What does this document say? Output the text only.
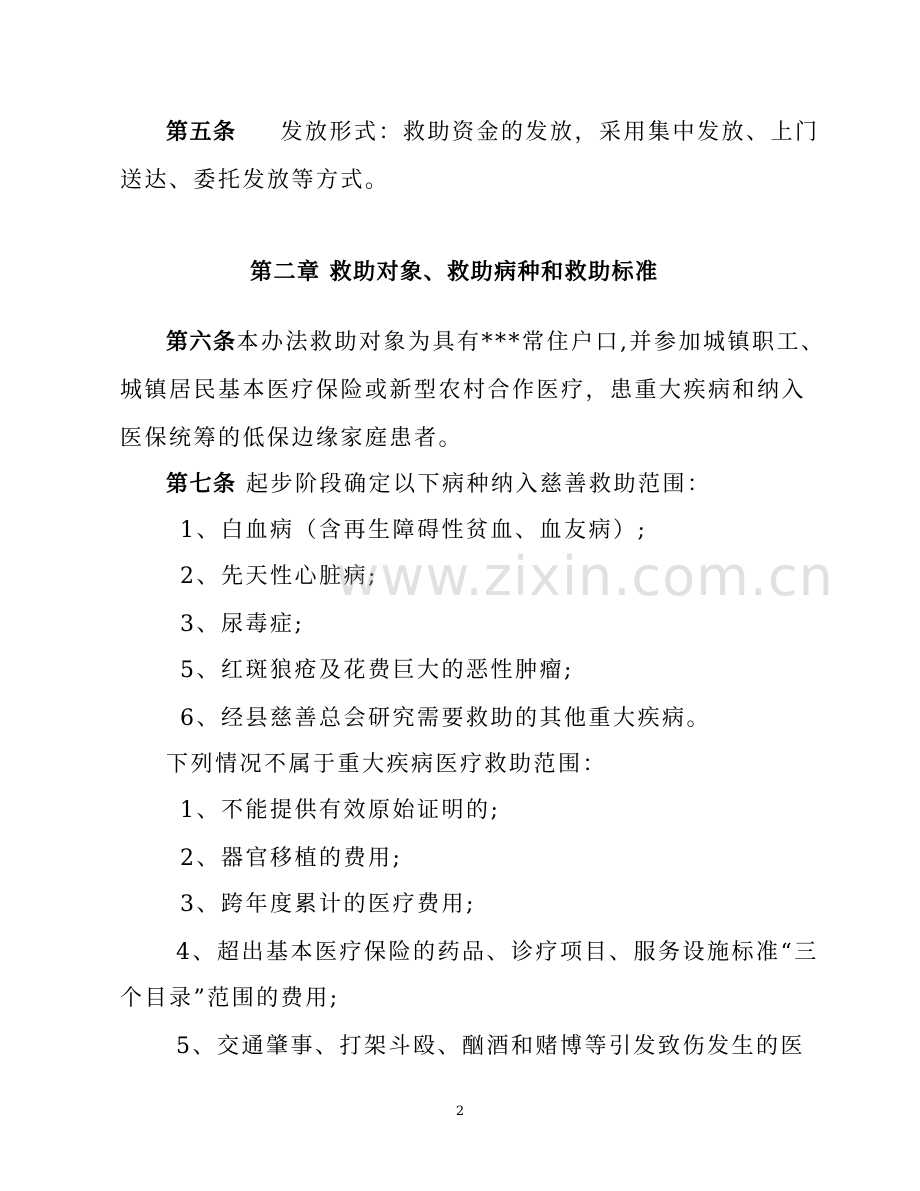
第五条 发放形式：救助资金的发放，采用集中发放、上门
送达、委托发放等方式。
第二章 救助对象、救助病种和救助标准
第六条本办法救助对象为具有***常住户口,并参加城镇职工、
城镇居民基本医疗保险或新型农村合作医疗，患重大疾病和纳入
医保统筹的低保边缘家庭患者。
第七条 起步阶段确定以下病种纳入慈善救助范围：
1、白血病（含再生障碍性贫血、血友病）;
2、先天性心脏病;
3、尿毒症;
5、红斑狼疮及花费巨大的恶性肿瘤;
6、经县慈善总会研究需要救助的其他重大疾病。
下列情况不属于重大疾病医疗救助范围：
1、不能提供有效原始证明的;
2、器官移植的费用;
3、跨年度累计的医疗费用;
4、超出基本医疗保险的药品、诊疗项目、服务设施标准“三
个目录”范围的费用;
5、交通肇事、打架斗殴、酗酒和赌博等引发致伤发生的医
www.zixin.com.cn
2
